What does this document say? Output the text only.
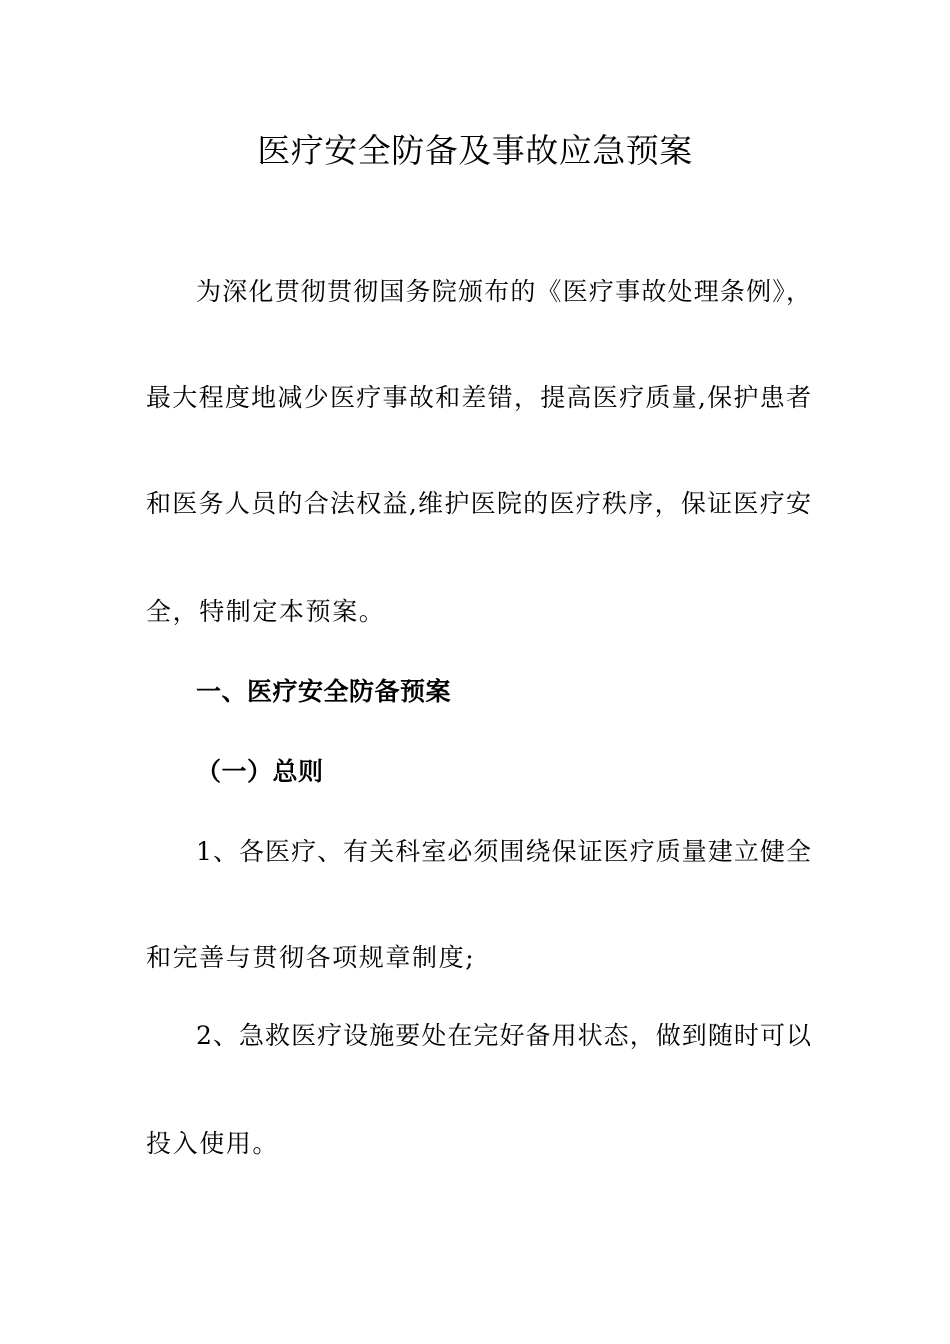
医疗安全防备及事故应急预案
为深化贯彻贯彻国务院颁布的《医疗事故处理条例》，
最大程度地减少医疗事故和差错，提高医疗质量,保护患者
和医务人员的合法权益,维护医院的医疗秩序，保证医疗安
全，特制定本预案。
一、医疗安全防备预案
（一）总则
1、各医疗、有关科室必须围绕保证医疗质量建立健全
和完善与贯彻各项规章制度;
2、急救医疗设施要处在完好备用状态，做到随时可以
投入使用。
